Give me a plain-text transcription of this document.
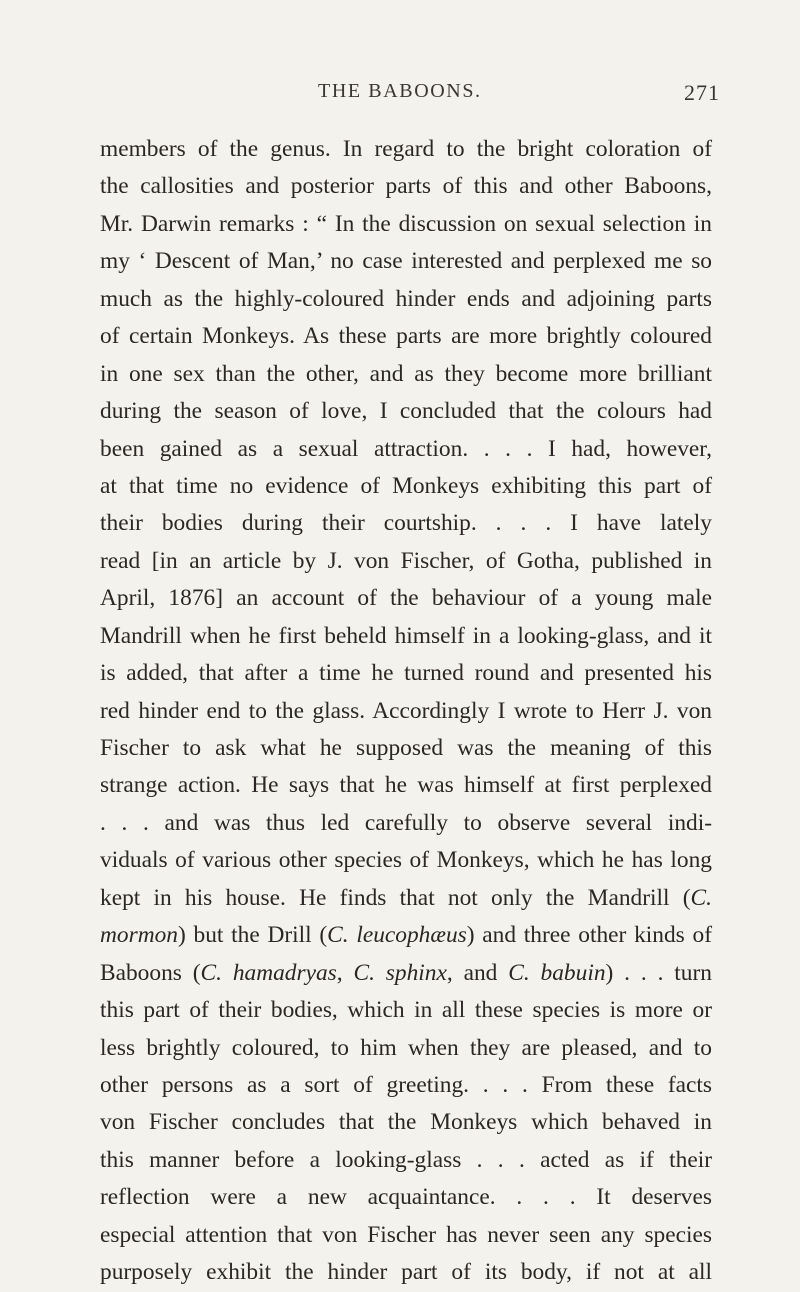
THE BABOONS.	271
members of the genus. In regard to the bright coloration of
the callosities and posterior parts of this and other Baboons,
Mr. Darwin remarks : “ In the discussion on sexual selection in
my ‘ Descent of Man,’ no case interested and perplexed me so
much as the highly-coloured hinder ends and adjoining parts
of certain Monkeys. As these parts are more brightly coloured
in one sex than the other, and as they become more brilliant
during the season of love, I concluded that the colours had
been gained as a sexual attraction. . . . I had, however,
at that time no evidence of Monkeys exhibiting this part of
their bodies during their courtship. . . . I have lately
read [in an article by J. von Fischer, of Gotha, published in
April, 1876] an account of the behaviour of a young male
Mandrill when he first beheld himself in a looking-glass, and it
is added, that after a time he turned round and presented his
red hinder end to the glass. Accordingly I wrote to Herr J. von
Fischer to ask what he supposed was the meaning of this
strange action. He says that he was himself at first perplexed
. . . and was thus led carefully to observe several indi-
viduals of various other species of Monkeys, which he has long
kept in his house. He finds that not only the Mandrill (C.
mormon) but the Drill (C. leucophæus) and three other kinds of
Baboons (C. hamadryas, C. sphinx, and C. babuin) . . . turn
this part of their bodies, which in all these species is more or
less brightly coloured, to him when they are pleased, and to
other persons as a sort of greeting. . . . From these facts
von Fischer concludes that the Monkeys which behaved in
this manner before a looking-glass . . . acted as if their
reflection were a new acquaintance. . . . It deserves
especial attention that von Fischer has never seen any species
purposely exhibit the hinder part of its body, if not at all
